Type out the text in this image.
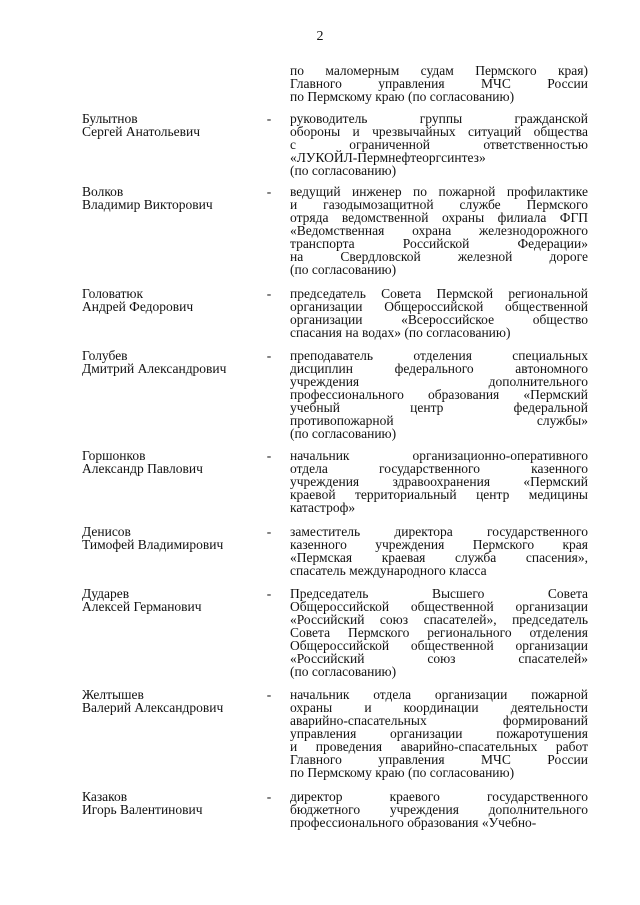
2
по маломерным судам Пермского края)
Главного управления МЧС России
по Пермскому краю (по согласованию)
Булытнов
Сергей Анатольевич
- руководитель группы гражданской
обороны и чрезвычайных ситуаций общества
с ограниченной ответственностью
«ЛУКОЙЛ-Пермнефтеоргсинтез»
(по согласованию)
Волков
Владимир Викторович
- ведущий инженер по пожарной профилактике
и газодымозащитной службе Пермского
отряда ведомственной охраны филиала ФГП
«Ведомственная охрана железнодорожного
транспорта Российской Федерации»
на Свердловской железной дороге
(по согласованию)
Головатюк
Андрей Федорович
- председатель Совета Пермской региональной
организации Общероссийской общественной
организации «Всероссийское общество
спасания на водах» (по согласованию)
Голубев
Дмитрий Александрович
- преподаватель отделения специальных
дисциплин федерального автономного
учреждения дополнительного
профессионального образования «Пермский
учебный центр федеральной
противопожарной службы»
(по согласованию)
Горшонков
Александр Павлович
- начальник организационно-оперативного
отдела государственного казенного
учреждения здравоохранения «Пермский
краевой территориальный центр медицины
катастроф»
Денисов
Тимофей Владимирович
- заместитель директора государственного
казенного учреждения Пермского края
«Пермская краевая служба спасения»,
спасатель международного класса
Дударев
Алексей Германович
- Председатель Высшего Совета
Общероссийской общественной организации
«Российский союз спасателей», председатель
Совета Пермского регионального отделения
Общероссийской общественной организации
«Российский союз спасателей»
(по согласованию)
Желтышев
Валерий Александрович
- начальник отдела организации пожарной
охраны и координации деятельности
аварийно-спасательных формирований
управления организации пожаротушения
и проведения аварийно-спасательных работ
Главного управления МЧС России
по Пермскому краю (по согласованию)
Казаков
Игорь Валентинович
- директор краевого государственного
бюджетного учреждения дополнительного
профессионального образования «Учебно-
